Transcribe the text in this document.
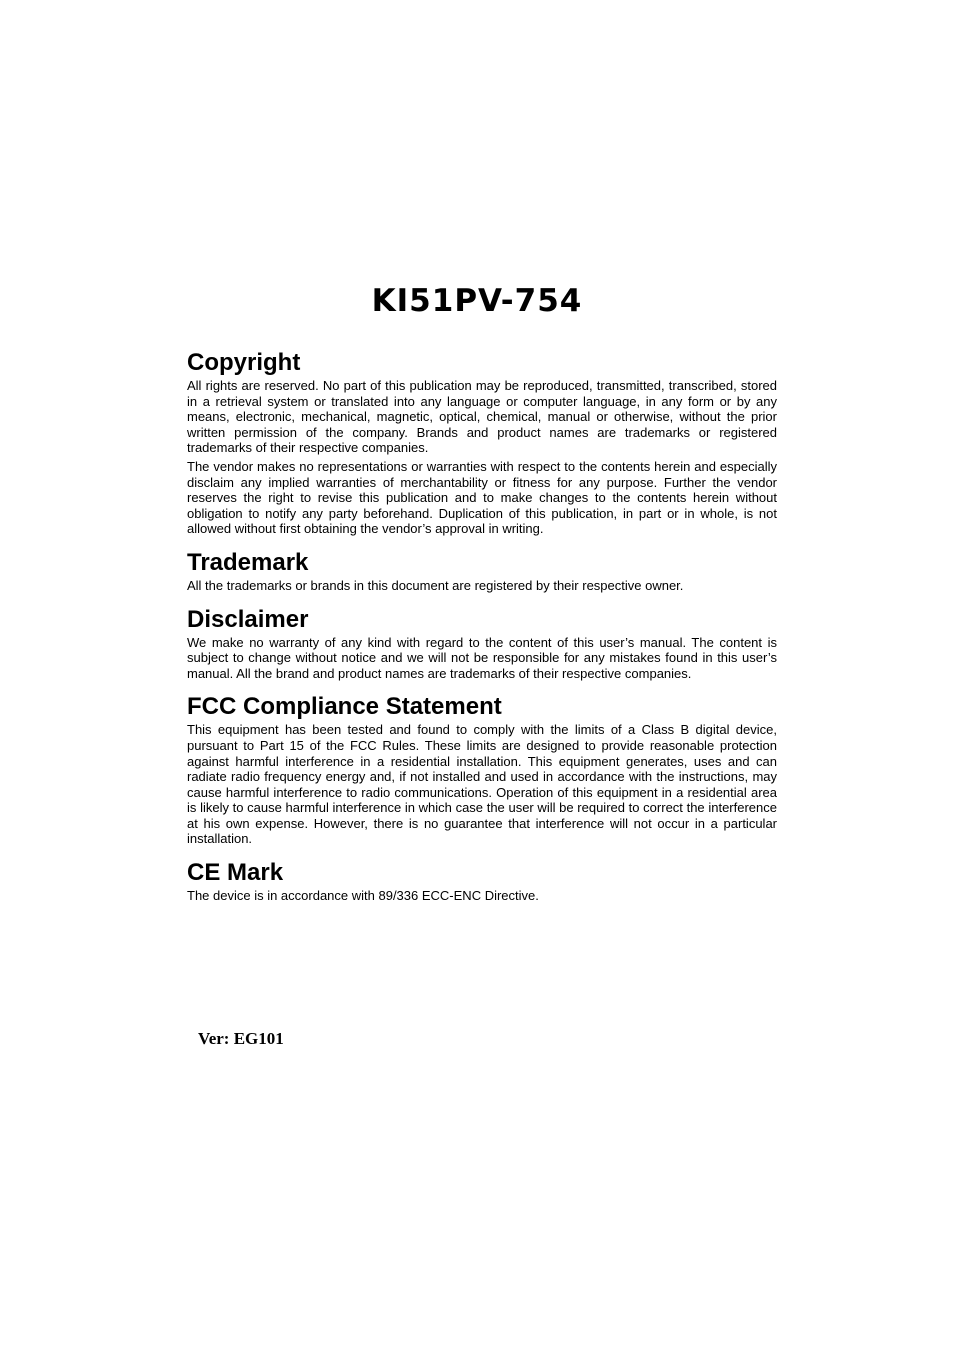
KI51PV-754
Copyright

All rights are reserved. No part of this publication may be reproduced, transmitted, transcribed, stored in a retrieval system or translated into any language or computer language, in any form or by any means, electronic, mechanical, magnetic, optical, chemical, manual or otherwise, without the prior written permission of the company. Brands and product names are trademarks or registered trademarks of their respective companies.

The vendor makes no representations or warranties with respect to the contents herein and especially disclaim any implied warranties of merchantability or fitness for any purpose. Further the vendor reserves the right to revise this publication and to make changes to the contents herein without obligation to notify any party beforehand. Duplication of this publication, in part or in whole, is not allowed without first obtaining the vendor’s approval in writing.

Trademark

All the trademarks or brands in this document are registered by their respective owner.

Disclaimer

We make no warranty of any kind with regard to the content of this user’s manual. The content is subject to change without notice and we will not be responsible for any mistakes found in this user’s manual. All the brand and product names are trademarks of their respective companies.

FCC Compliance Statement

This equipment has been tested and found to comply with the limits of a Class B digital device, pursuant to Part 15 of the FCC Rules. These limits are designed to provide reasonable protection against harmful interference in a residential installation. This equipment generates, uses and can radiate radio frequency energy and, if not installed and used in accordance with the instructions, may cause harmful interference to radio communications. Operation of this equipment in a residential area is likely to cause harmful interference in which case the user will be required to correct the interference at his own expense. However, there is no guarantee that interference will not occur in a particular installation.

CE Mark

The device is in accordance with 89/336 ECC-ENC Directive.

Ver: EG101
